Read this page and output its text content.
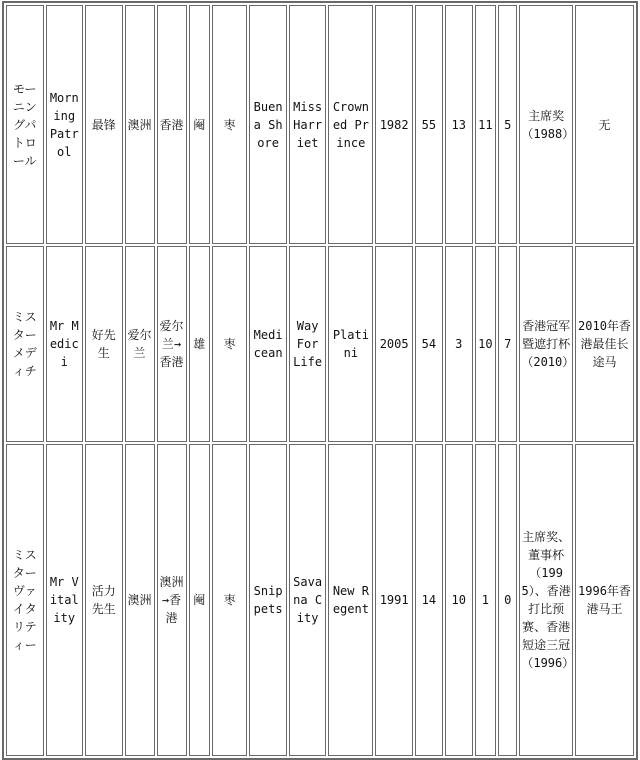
モーニングパトロール	Morning Patrol	最锋	澳洲	香港	阉	枣	Buena Shore	Miss Harriet	Crowned Prince	1982	55	13	11	5	主席奖（1988）	无
ミスターメディチ	Mr Medici	好先生	爱尔兰	爱尔兰→香港	雄	枣	Medicean	Way For Life	Platini	2005	54	3	10	7	香港冠军暨遮打杯（2010）	2010年香港最佳长途马
ミスターヴァイタリティー	Mr Vitality	活力先生	澳洲	澳洲→香港	阉	枣	Snippets	Savana City	New Regent	1991	14	10	1	0	主席奖、董事杯（1995）、香港打比预赛、香港短途三冠（1996）	1996年香港马王
